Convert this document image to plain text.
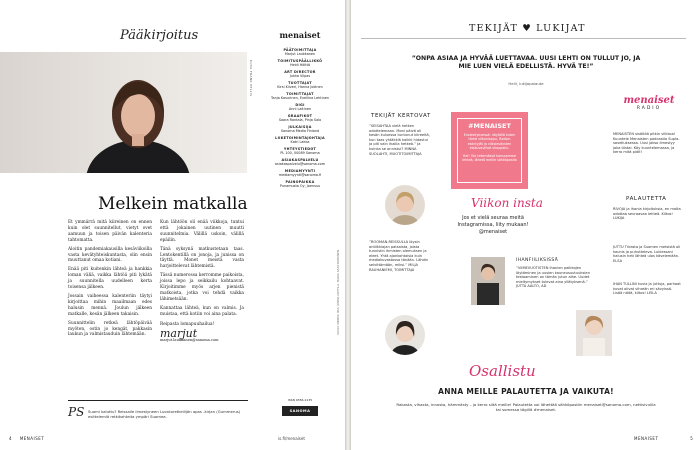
Pääkirjoitus
KUVA FRANK PELLIS
Melkein matkalla

Et ymmärrä mitä kiireinen on ennen kuin olet suunnitellut, vietyt ovet aamuun ja toisen päivän kalenteria tahtomatta.

Aloitin pandemiakausilla kesäviikoilla vasta kevätyhteiskuntasta, olin ensin muuttanut omaa kotiani.

Enää piti kuitenkin lähteä ja hankkia loman väliä, vaikka lähtöä piti lykätä ja suunnitella uudelleen kerta toisensa jälkeen.

Jossain vaiheessa kalenteriin täytyi kirjoittaa mihin maailmaan edes halusin mennä. Joulun jälkeen matkalle, kesän jälkeen takaisin.

Suunnittelin retkeä lähtöpäivää myöten, ostin jo kengät, pakkasin laukun ja valmistauduin lähtemään.

Kun lähtöön oli enää viikkoja, tuntui että jokainen uutinen muutti suunnitelmia. Välillä uskoin, välillä epäilin.

Tänä syksynä matkustetaan taas. Lentokentillä on jonoja, ja junissa on täyttä. Monet meistä vasta harjoittelevat lähtemistä.

Tässä numerossa kerromme paikoista, joissa lepo ja seikkailu kohtaavat. Kirjoitimme myös arjen pienistä matkoista, jotka voi tehdä vaikka lähimetsään.

Kannattaa lähteä, kun on valmis. Ja muistaa, että kotiin voi aina palata.

Reipasta lomapuuhailua!

marjut
marjut.laukkanen@sanoma.com
PS Suomi kaluttu? Reissaile ilmestyneen Luontoretkeilijän opas -kirjan (Gummerus) esittelemiä retkikohteita ympäri Suomea.
4 MENAISET	is.fi/menaiset
menaiset
PÄÄTOIMITTAJA
Marjut Laukkanen
TOIMITUSPÄÄLLIKKÖ
Heidi Hölttä
ART DIRECTOR
Jukka Vilpas
TUOTTAJAT
Kirsi Kiiveri, Hanna Jokinen
TOIMITTAJAT
Tanja Kasurinen, Eveliina Lehtinen
DIGI
Anni Laitinen
GRAAFIKOT
Saara Rantala, Pinja Salo
JULKAISIJA
Sanoma Media Finland
LIIKETOIMINTAJOHTAJA
Katri Lakka
YHTEYSTIEDOT
PL 100, 00089 Sanoma
ASIAKASPALVELU
asiakaspalvelu@sanoma.com
MEDIAMYYNTI
mediamyynti@sanoma.fi
PAINOPAIKKA
Punamusta Oy, Joensuu
ISSN 0356-1135
SANOMA
KUVAT ANNIKA HAS, JONNA ANTTILA, MARIA SAASTAMOINEN
TEKIJÄT ♥ LUKIJAT
”ONPA ASIAA JA HYVÄÄ LUETTAVAA. UUSI LEHTI ON TULLUT JO, JA MIE LUEN VIELÄ EDELLISTÄ. HYVÄ TE!”
Heili, lukijapalaute
TEKIJÄT KERTOVAT
”SEISAHTAA vielä hetken odottelemaan. Moni päivä oli kesän kuluessa tuntunut kiireeltä, kun taas yhtäkkiä kaikki hidastui ja piti vain ihailla hetkeä.” Ja kuinka se onnistui? MINNA SUOLAHTI, MUOTITOIMITTAJA
”ROOMAN-REISSULLA löysin antiikkiajan patsaista, joista tunnistin ihmisten olemuksen ja eleet. Yhtä ajankohtaisia kuin mediakuvastossa tänään. Lähdin selvittämään, miksi.” MILJA RAUHANIEMI, TOIMITTAJA
#MENAISET
Ensiesityksessä: näytöllä kuten tämä viikonloppu, Radion esiintyjät ja viiksiesitysten elokuvaviikot shoppailu.
Hei! Ole tekemässä kanssamme lehteä, lähetä meille sähköpostia
Viikon insta
Jos et vielä seuraa meitä Instagramissa, liity mukaan! @menaiset
IHANFIILIKSISSÄ
”VIIMEVUOTISTEN ihanien paikkojen löytäminen ja uusien kauneusuutuuksien testaaminen on tämän jutun aihe. Uudet mieltymykset tulevat aina yllätyksenä.” JUTTA AALTO, AD
menaiset
RADIO
MENAISTEN sisältöä pitkin viikkoa! Kuuntele Menaisten podcastia Supla-sovelluksessa. Uusi jakso ilmestyy joka tiistai. Käy kuuntelemassa, ja kerro mitä pidit!
PALAUTETTA
RIVOJA ja ihania kirjoituksia, en malta odottaa seuraavaa lehteä. Kiitos! LUKIJA
JUTTU Tiirasta ja Suomen metsistä oli kaunis ja puhutteleva. Lukiessani halusin heti lähteä ulos kävelemään. ELSA
IHAN TULLINI kuvia ja juttuja, parhaat kuvat olivat vihreän eri sävyissä. Lisää näitä, kiitos! LEILA
Osallistu
ANNA MEILLE PALAUTETTA JA VAIKUTA!
Rakasta, vihasta, innosta, hämmästy – jo kerro siitä meille! Palautetta voi lähettää sähköpostiin menaiset@sanoma.com, nettisivuilla tai somessa tägillä #menaiset.
MENAISET	5
